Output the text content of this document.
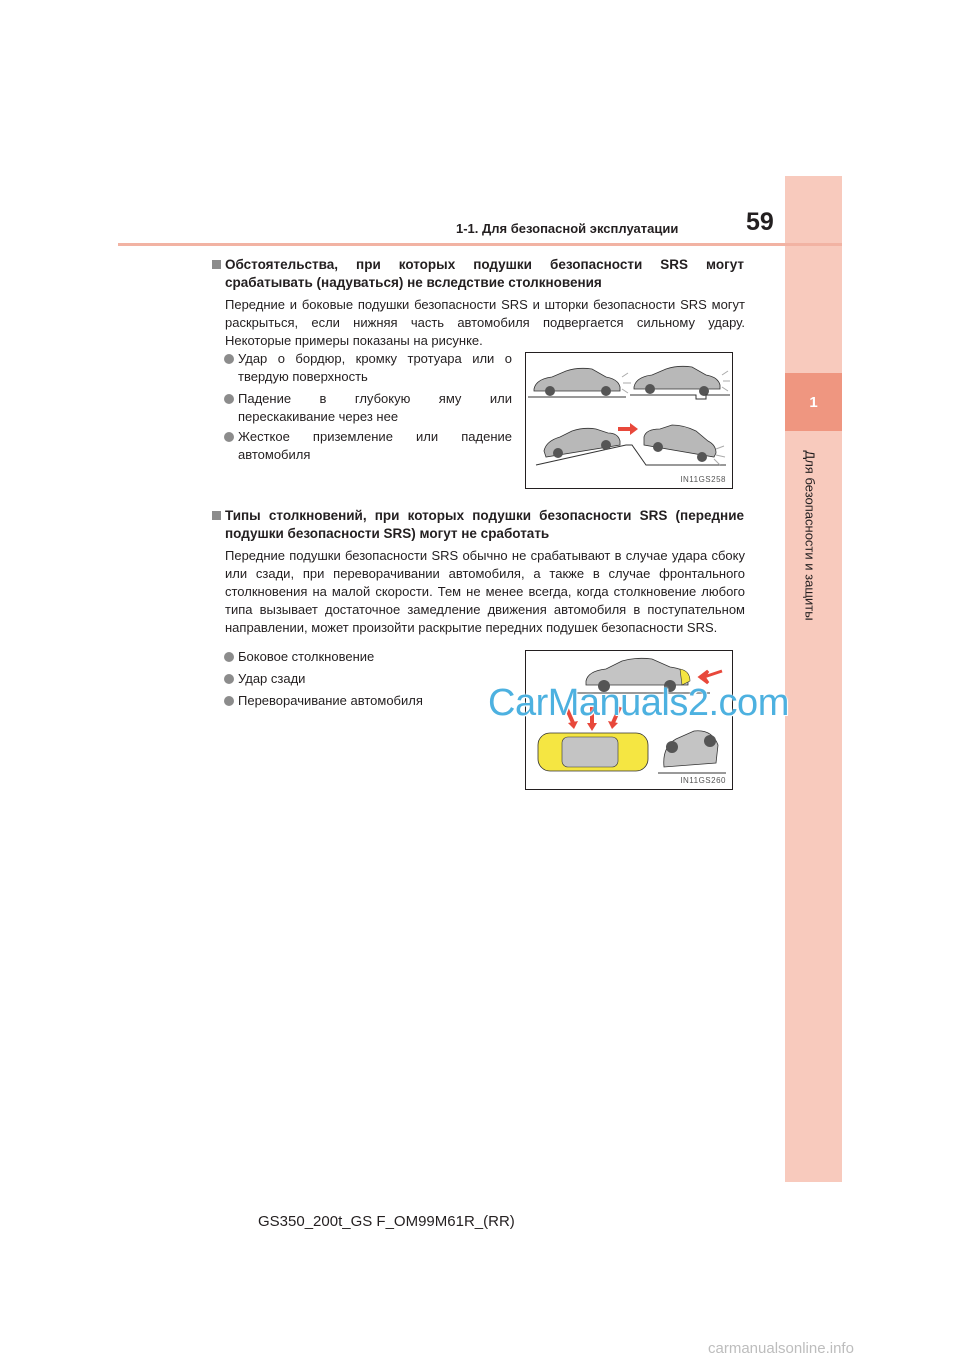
1
Для безопасности и защиты
1-1. Для безопасной эксплуатации	59
Обстоятельства, при которых подушки безопасности SRS могут срабатывать (надуваться) не вследствие столкновения
Передние и боковые подушки безопасности SRS и шторки безопасности SRS могут раскрыться, если нижняя часть автомобиля подвергается сильному удару. Некоторые примеры показаны на рисунке.
Удар о бордюр, кромку тротуара или о твердую поверхность
Падение в глубокую яму или перескакивание через нее
Жесткое приземление или падение автомобиля
IN11GS258
Типы столкновений, при которых подушки безопасности SRS (передние подушки безопасности SRS) могут не сработать
Передние подушки безопасности SRS обычно не срабатывают в случае удара сбоку или сзади, при переворачивании автомобиля, а также в случае фронтального столкновения на малой скорости. Тем не менее всегда, когда столкновение любого типа вызывает достаточное замедление движения автомобиля в поступательном направлении, может произойти раскрытие передних подушек безопасности SRS.
Боковое столкновение
Удар сзади
Переворачивание автомобиля
IN11GS260
CarManuals2.com
GS350_200t_GS F_OM99M61R_(RR)
carmanualsonline.info
